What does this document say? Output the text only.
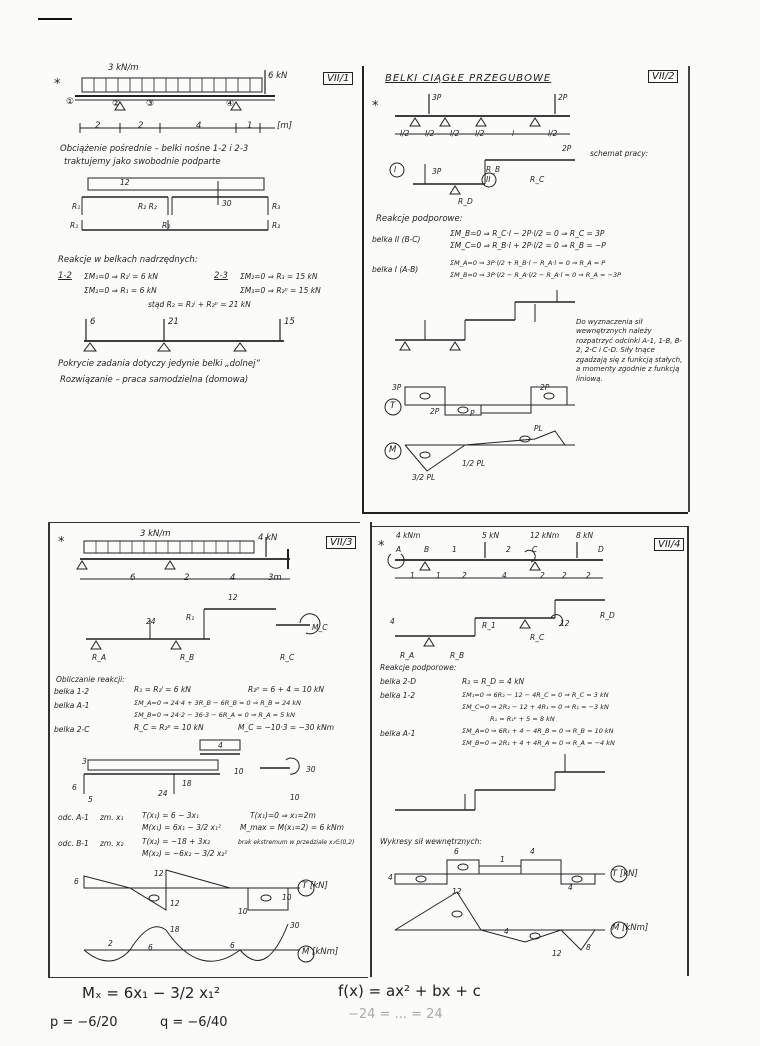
*	VII/1
3 kN/m
6 kN
①	②	③	④
2	2	4	1	[m]
Obciążenie pośrednie – belki nośne 1-2 i 2-3
traktujemy jako swobodnie podparte
12
R₁	R₂ R₂	30	R₃
R₁	R₂	R₃
Reakcje w belkach nadrzędnych:
1-2 ΣM₁=0 ⇒ R₂ˡ = 6 kN
ΣM₂=0 ⇒ R₁ = 6 kN
2-3 ΣM₂=0 ⇒ R₃ = 15 kN
ΣM₃=0 ⇒ R₂ᵖ = 15 kN
stąd R₂ = R₂ˡ + R₂ᵖ = 21 kN
6	21	15
Pokrycie zadania dotyczy jedynie belki „dolnej”
Rozwiązanie – praca samodzielna (domowa)
BELKI CIĄGŁE PRZEGUBOWE	VII/2
*
3P	2P
l/2 l/2 l/2 l/2	l	l/2
schemat pracy:
I
II
3P
2P
R_B
R_C
R_D
Reakcje podporowe:
belka II (B-C)
ΣM_B=0 ⇒ R_C·l − 2P·l/2 = 0 ⇒ R_C = 3P
ΣM_C=0 ⇒ R_B·l + 2P·l/2 = 0 ⇒ R_B = −P
belka I (A-B)
ΣM_A=0 ⇒ 3P·l/2 + R_B·l − R_A·l = 0 ⇒ R_A = P
ΣM_B=0 ⇒ 3P·l/2 − R_A·l/2 − R_A·l = 0 ⇒ R_A = −3P
Do wyznaczenia sił wewnętrznych należy rozpatrzyć odcinki A-1, 1-B, B-2, 2-C i C-D. Siły tnące zgadzają się z funkcją stałych, a momenty zgodnie z funkcją liniową.
T
3P
2P	P
2P
M
PL
3/2 PL
1/2 PL
*	VII/3
3 kN/m	4 kN
6	2	4	3m
12
24	R₁
R_A	R_B	R_C
M_C
Obliczanie reakcji:
belka 1-2	R₁ = R₂ˡ = 6 kN	R₂ᵖ = 6 + 4 = 10 kN
belka A-1	ΣM_A=0 ⇒ 24·4 + 3R_B − 6R_B = 0 ⇒ R_B = 24 kN
ΣM_B=0 ⇒ 24·2 − 36·3 − 6R_A = 0 ⇒ R_A = 5 kN
belka 2-C	R_C = R₂ᵖ = 10 kN	M_C = −10·3 = −30 kNm
3
6
4
10	30
24
18
5	10
odc. A-1 zm. x₁ T(x₁) = 6 − 3x₁
M(x₁) = 6x₁ − 3/2 x₁²
T(x₁)=0 ⇒ x₁=2m
M_max = M(x₁=2) = 6 kNm
odc. B-1 zm. x₂ T(x₂) = −18 + 3x₂
M(x₂) = −6x₂ − 3/2 x₂²
brak ekstremum w przedziale x₂∈(0,2)
T [kN]
6
12
12
10
10
M [kNm]
2	6
18
6
30
Mₓ = 6x₁ − 3/2 x₁²
p = −6/20	q = −6/40
*	VII/4
4 kNm	5 kN	12 kNm 8 kN
A	B	1	2	C	D
1	1	2	4	2 2	2
4
R_A
R_1
R_B
R_C
R_D
12
Reakcje podporowe:
belka 2-D	R₂ = R_D = 4 kN
belka 1-2	ΣM₁=0 ⇒ 6R₂ − 12 − 4R_C = 0 ⇒ R_C = 3 kN
ΣM_C=0 ⇒ 2R₂ − 12 + 4R₁ = 0 ⇒ R₁ = −3 kN
R₁ = R₁ᵖ + 5 = 8 kN
belka A-1	ΣM_A=0 ⇒ 6R₁ + 4 − 4R_B = 0 ⇒ R_B = 10 kN
ΣM_B=0 ⇒ 2R₁ + 4 + 4R_A = 0 ⇒ R_A = −4 kN
Wykresy sił wewnętrznych:
T [kN]
4
6
1
4
4
M [kNm]
12
4
12
8
f(x) = ax² + bx + c
−24 = ... = 24
